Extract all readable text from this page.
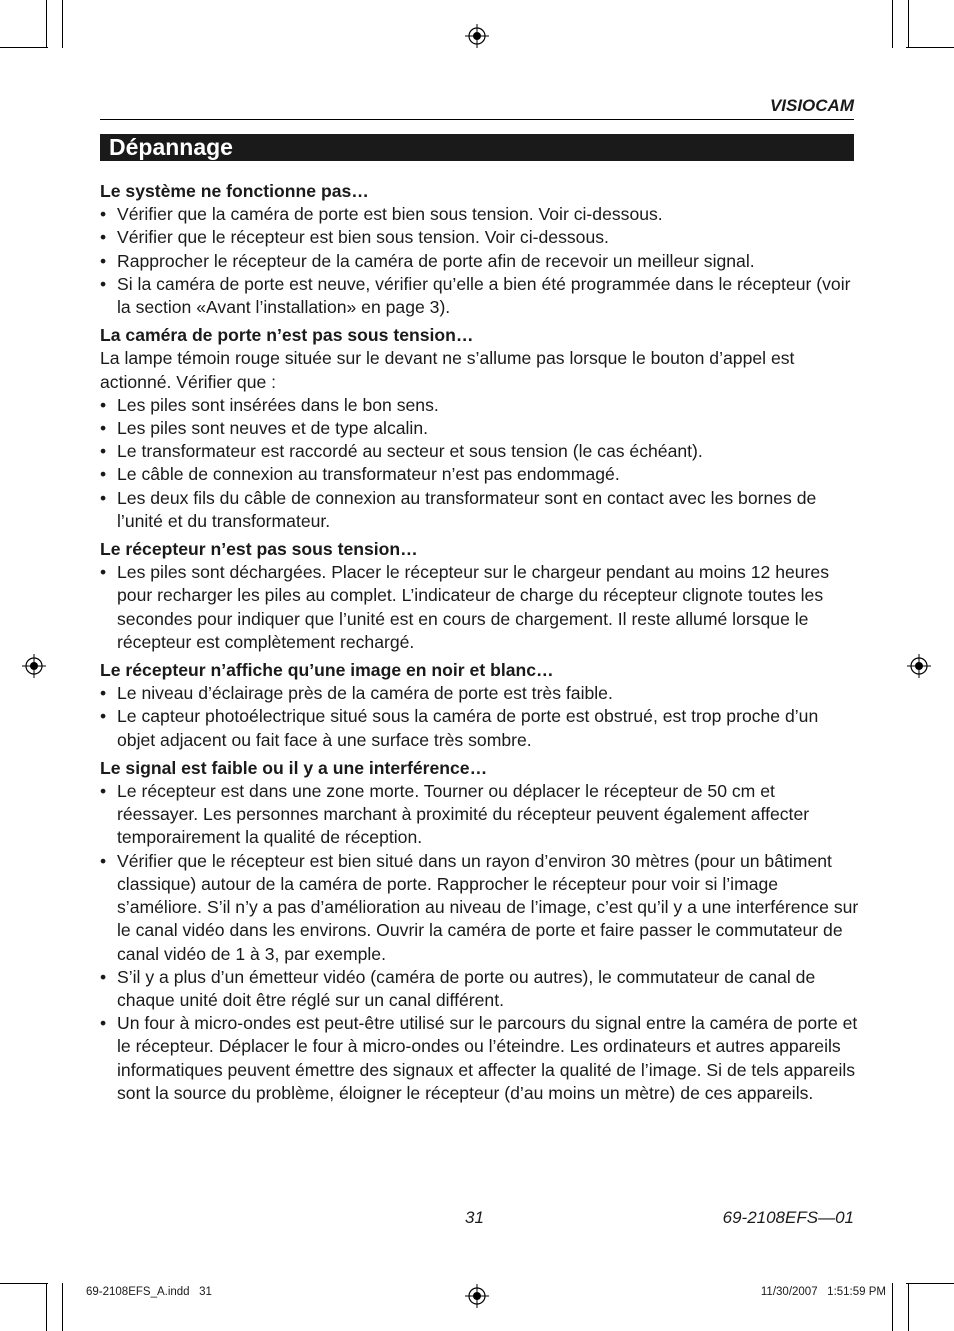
VISIOCAM
Dépannage
Le système ne fonctionne pas…
• Vérifier que la caméra de porte est bien sous tension. Voir ci-dessous.
• Vérifier que le récepteur est bien sous tension. Voir ci-dessous.
• Rapprocher le récepteur de la caméra de porte afin de recevoir un meilleur signal.
• Si la caméra de porte est neuve, vérifier qu’elle a bien été programmée dans le récepteur (voir la section «Avant l’installation» en page 3).
La caméra de porte n’est pas sous tension…

La lampe témoin rouge située sur le devant ne s’allume pas lorsque le bouton d’appel est actionné. Vérifier que :

• Les piles sont insérées dans le bon sens.
• Les piles sont neuves et de type alcalin.
• Le transformateur est raccordé au secteur et sous tension (le cas échéant).
• Le câble de connexion au transformateur n’est pas endommagé.
• Les deux fils du câble de connexion au transformateur sont en contact avec les bornes de l’unité et du transformateur.
Le récepteur n’est pas sous tension…
• Les piles sont déchargées. Placer le récepteur sur le chargeur pendant au moins 12 heures pour recharger les piles au complet. L’indicateur de charge du récepteur clignote toutes les secondes pour indiquer que l’unité est en cours de chargement. Il reste allumé lorsque le récepteur est complètement rechargé.
Le récepteur n’affiche qu’une image en noir et blanc…
• Le niveau d’éclairage près de la caméra de porte est très faible.
• Le capteur photoélectrique situé sous la caméra de porte est obstrué, est trop proche d’un objet adjacent ou fait face à une surface très sombre.
Le signal est faible ou il y a une interférence…
• Le récepteur est dans une zone morte. Tourner ou déplacer le récepteur de 50 cm et réessayer. Les personnes marchant à proximité du récepteur peuvent également affecter temporairement la qualité de réception.
• Vérifier que le récepteur est bien situé dans un rayon d’environ 30 mètres (pour un bâtiment classique) autour de la caméra de porte. Rapprocher le récepteur pour voir si l’image s’améliore. S’il n’y a pas d’amélioration au niveau de l’image, c’est qu’il y a une interférence sur le canal vidéo dans les environs. Ouvrir la caméra de porte et faire passer le commutateur de canal vidéo de 1 à 3, par exemple.
• S’il y a plus d’un émetteur vidéo (caméra de porte ou autres), le commutateur de canal de chaque unité doit être réglé sur un canal différent.
• Un four à micro-ondes est peut-être utilisé sur le parcours du signal entre la caméra de porte et le récepteur. Déplacer le four à micro-ondes ou l’éteindre. Les ordinateurs et autres appareils informatiques peuvent émettre des signaux et affecter la qualité de l’image. Si de tels appareils sont la source du problème, éloigner le récepteur (d’au moins un mètre) de ces appareils.
31	69-2108EFS—01
69-2108EFS_A.indd   31	11/30/2007   1:51:59 PM
